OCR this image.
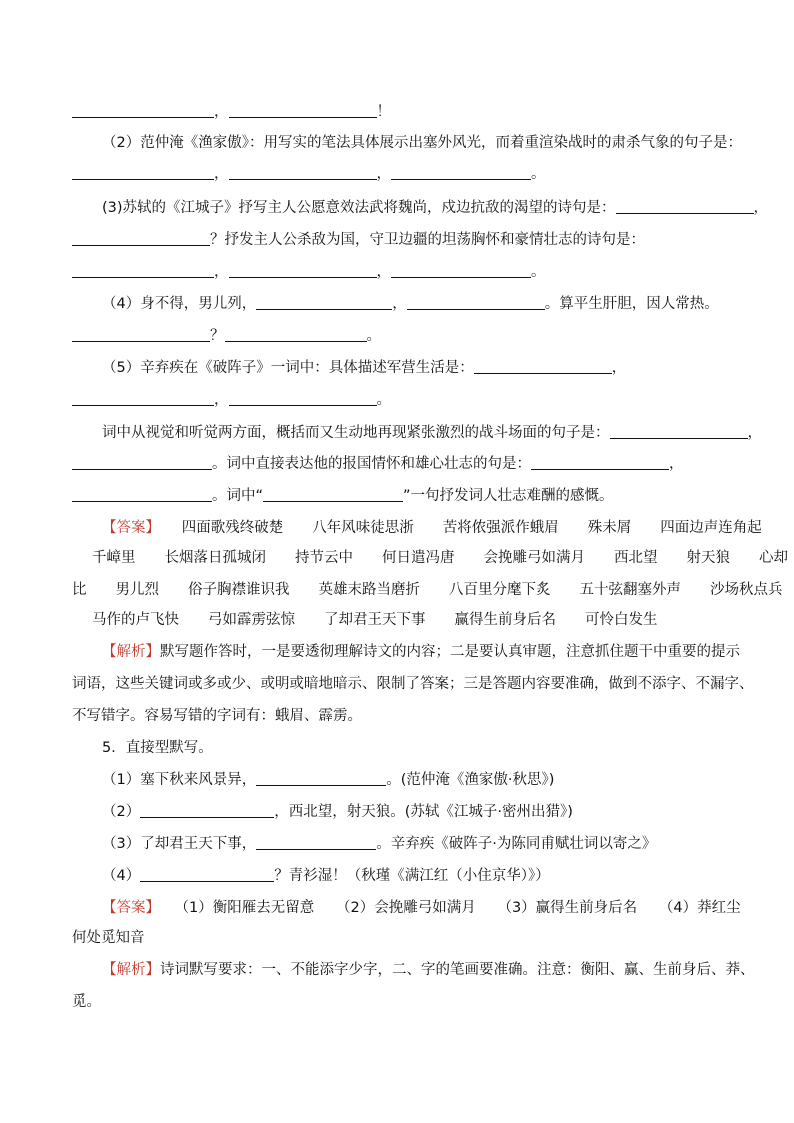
，	！
（2）范仲淹《渔家傲》：用写实的笔法具体展示出塞外风光，而着重渲染战时的肃杀气象的句子是：
，	，	。
(3)苏轼的《江城子》抒写主人公愿意效法武将魏尚，戍边抗敌的渴望的诗句是：	，
？抒发主人公杀敌为国，守卫边疆的坦荡胸怀和豪情壮志的诗句是：
，	，	。
（4）身不得，男儿列，	，	。算平生肝胆，因人常热。
？	。
（5）辛弃疾在《破阵子》一词中：具体描述军营生活是：	，
，	。
词中从视觉和听觉两方面，概括而又生动地再现紧张激烈的战斗场面的句子是：	，
。词中直接表达他的报国情怀和雄心壮志的句是：	，
。词中“	”一句抒发词人壮志难酬的感慨。
【答案】　　四面歌残终破楚　　八年风味徒思浙　　苦将侬强派作蛾眉　　殊未屑　　四面边声连角起
千嶂里　　长烟落日孤城闭　　持节云中　　何日遣冯唐　　会挽雕弓如满月　　西北望　　射天狼　　心却
比　　男儿烈　　俗子胸襟谁识我　　英雄末路当磨折　　八百里分麾下炙　　五十弦翻塞外声　　沙场秋点兵
马作的卢飞快　　弓如霹雳弦惊　　了却君王天下事　　赢得生前身后名　　可怜白发生
【解析】默写题作答时，一是要透彻理解诗文的内容；二是要认真审题，注意抓住题干中重要的提示
词语，这些关键词或多或少、或明或暗地暗示、限制了答案；三是答题内容要准确，做到不添字、不漏字、
不写错字。容易写错的字词有：蛾眉、霹雳。
5．直接型默写。
（1）塞下秋来风景异，	。(范仲淹《渔家傲·秋思》)
（2）	，西北望，射天狼。(苏轼《江城子·密州出猎》)
（3）了却君王天下事，	。辛弃疾《破阵子·为陈同甫赋壮词以寄之》
（4）	？青衫湿！（秋瑾《满江红（小住京华）》）
【答案】　　（1）衡阳雁去无留意　　（2）会挽雕弓如满月　　（3）赢得生前身后名　　（4）莽红尘
何处觅知音
【解析】诗词默写要求：一、不能添字少字，二、字的笔画要准确。注意：衡阳、赢、生前身后、莽、
觅。
